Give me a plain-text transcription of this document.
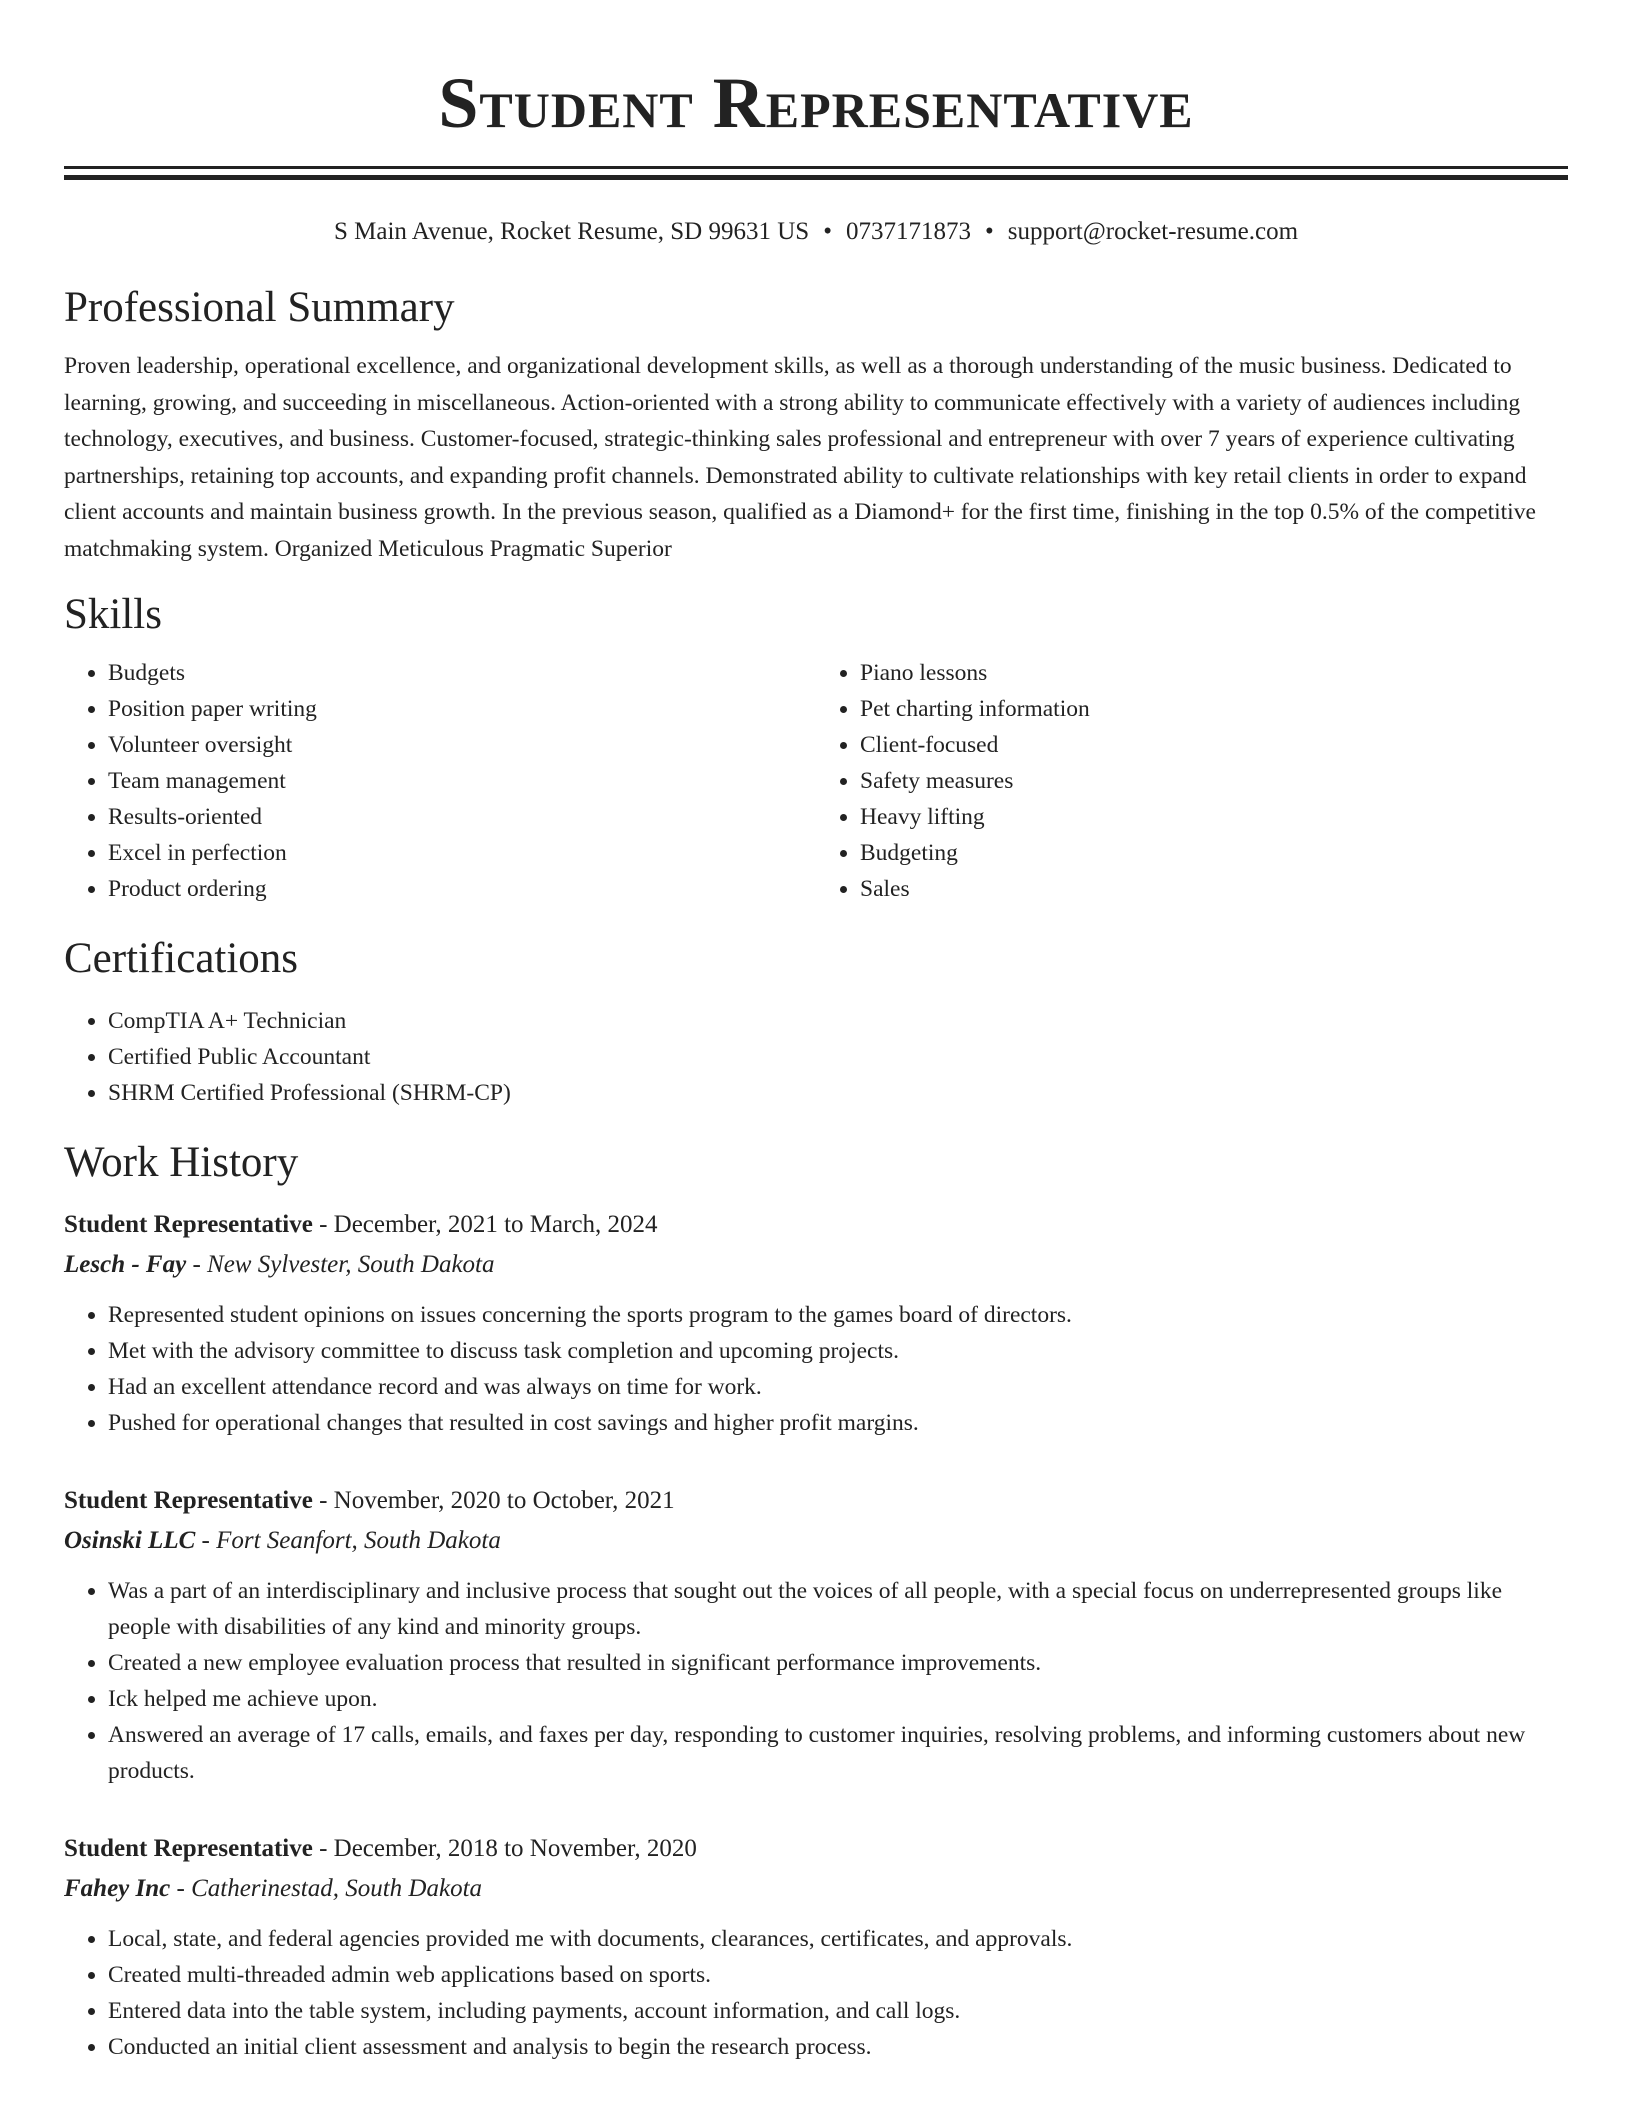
Student Representative
S Main Avenue, Rocket Resume, SD 99631 US • 0737171873 • support@rocket-resume.com
Professional Summary

Proven leadership, operational excellence, and organizational development skills, as well as a thorough understanding of the music business. Dedicated to learning, growing, and succeeding in miscellaneous. Action-oriented with a strong ability to communicate effectively with a variety of audiences including technology, executives, and business. Customer-focused, strategic-thinking sales professional and entrepreneur with over 7 years of experience cultivating partnerships, retaining top accounts, and expanding profit channels. Demonstrated ability to cultivate relationships with key retail clients in order to expand client accounts and maintain business growth. In the previous season, qualified as a Diamond+ for the first time, finishing in the top 0.5% of the competitive matchmaking system. Organized Meticulous Pragmatic Superior

Skills
• Budgets
• Position paper writing
• Volunteer oversight
• Team management
• Results-oriented
• Excel in perfection
• Product ordering
• Piano lessons
• Pet charting information
• Client-focused
• Safety measures
• Heavy lifting
• Budgeting
• Sales
Certifications
• CompTIA A+ Technician
• Certified Public Accountant
• SHRM Certified Professional (SHRM-CP)
Work History
Student Representative - December, 2021 to March, 2024
Lesch - Fay - New Sylvester, South Dakota
• Represented student opinions on issues concerning the sports program to the games board of directors.
• Met with the advisory committee to discuss task completion and upcoming projects.
• Had an excellent attendance record and was always on time for work.
• Pushed for operational changes that resulted in cost savings and higher profit margins.
Student Representative - November, 2020 to October, 2021
Osinski LLC - Fort Seanfort, South Dakota
• Was a part of an interdisciplinary and inclusive process that sought out the voices of all people, with a special focus on underrepresented groups like people with disabilities of any kind and minority groups.
• Created a new employee evaluation process that resulted in significant performance improvements.
• Ick helped me achieve upon.
• Answered an average of 17 calls, emails, and faxes per day, responding to customer inquiries, resolving problems, and informing customers about new products.
Student Representative - December, 2018 to November, 2020
Fahey Inc - Catherinestad, South Dakota
• Local, state, and federal agencies provided me with documents, clearances, certificates, and approvals.
• Created multi-threaded admin web applications based on sports.
• Entered data into the table system, including payments, account information, and call logs.
• Conducted an initial client assessment and analysis to begin the research process.
